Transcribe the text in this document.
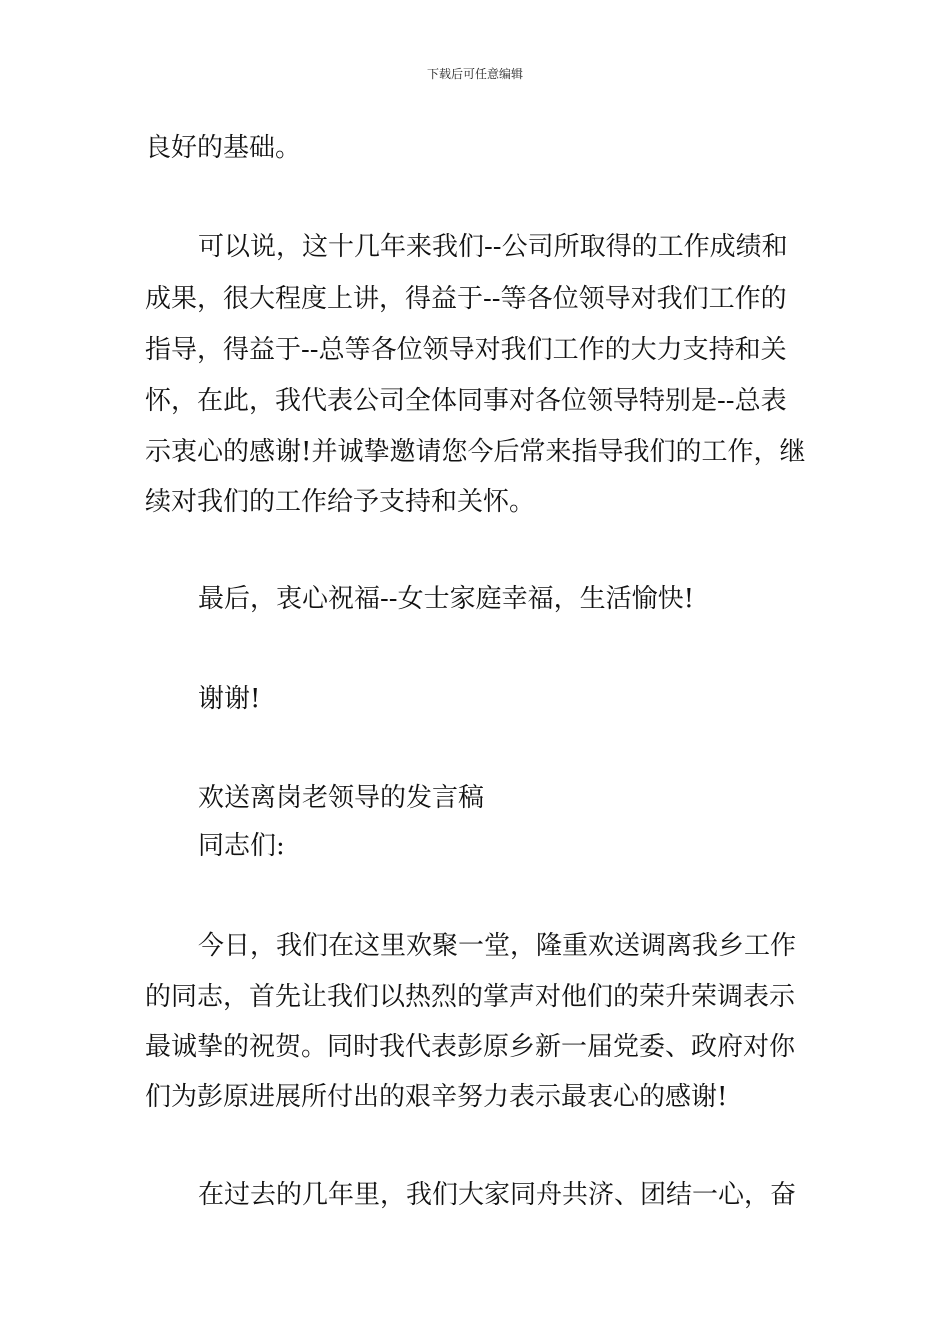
下载后可任意编辑
良好的基础。
可以说，这十几年来我们--公司所取得的工作成绩和
成果，很大程度上讲，得益于--等各位领导对我们工作的
指导，得益于--总等各位领导对我们工作的大力支持和关
怀，在此，我代表公司全体同事对各位领导特别是--总表
示衷心的感谢!并诚挚邀请您今后常来指导我们的工作，继
续对我们的工作给予支持和关怀。
最后，衷心祝福--女士家庭幸福，生活愉快!
谢谢!
欢送离岗老领导的发言稿
同志们:
今日，我们在这里欢聚一堂，隆重欢送调离我乡工作
的同志，首先让我们以热烈的掌声对他们的荣升荣调表示
最诚挚的祝贺。同时我代表彭原乡新一届党委、政府对你
们为彭原进展所付出的艰辛努力表示最衷心的感谢!
在过去的几年里，我们大家同舟共济、团结一心，奋
